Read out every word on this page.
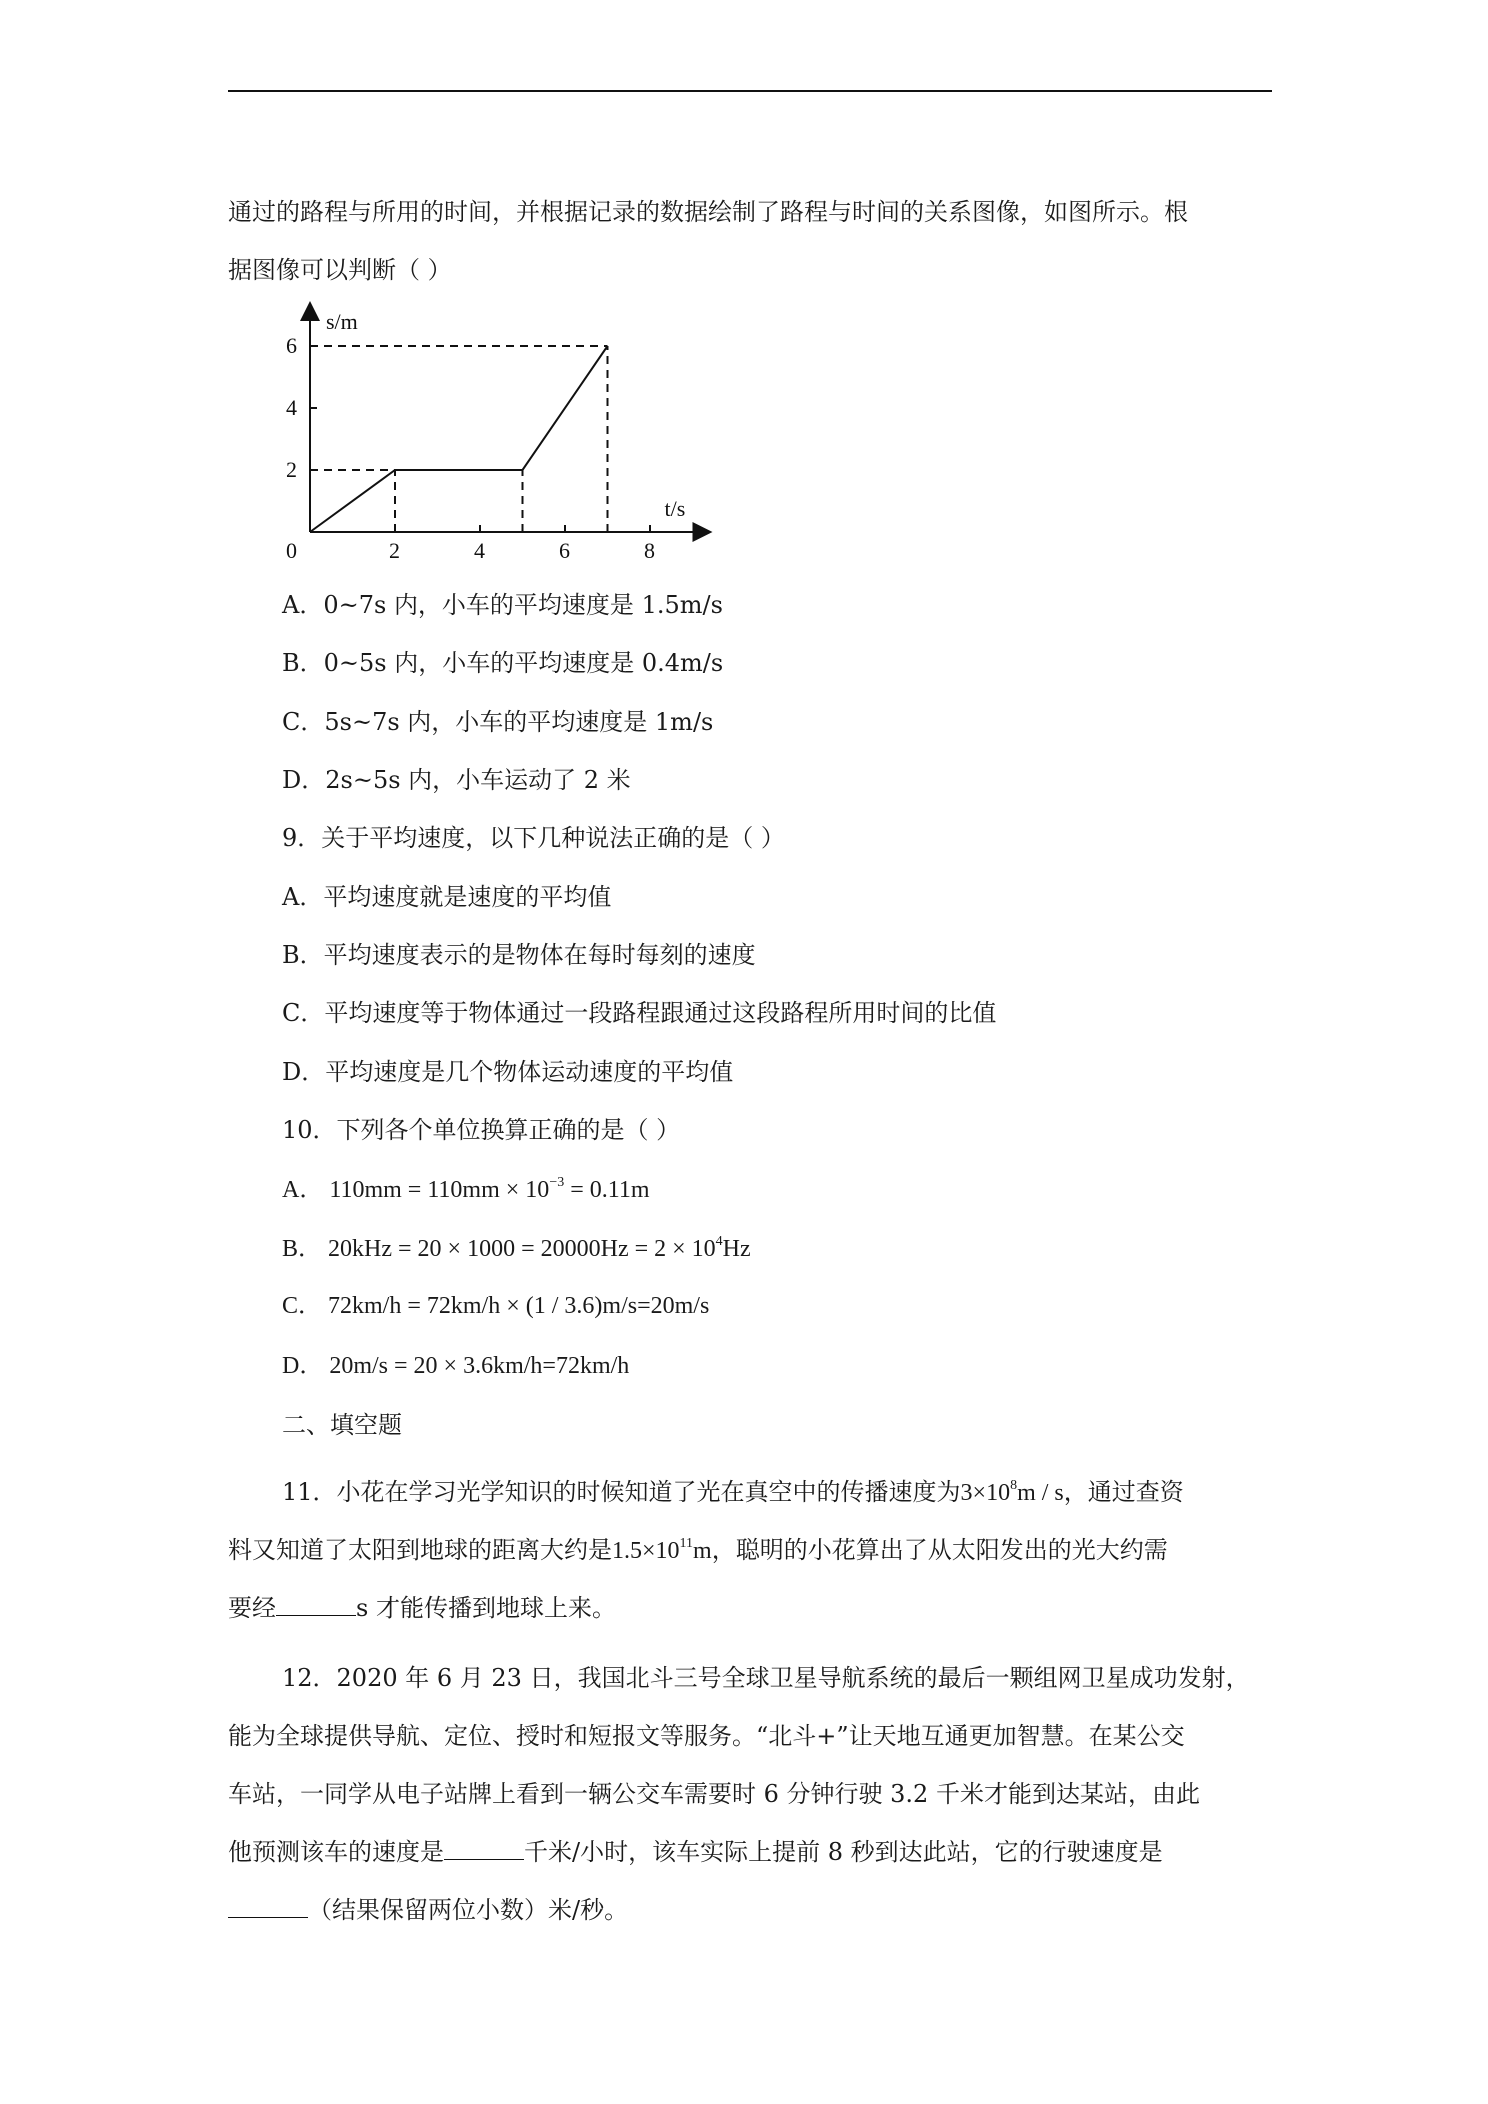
通过的路程与所用的时间，并根据记录的数据绘制了路程与时间的关系图像，如图所示。根
据图像可以判断（ ）
s/m
t/s
0	2	4	6	8
2
4
6
A．0~7s 内，小车的平均速度是 1.5m/s
B．0~5s 内，小车的平均速度是 0.4m/s
C．5s~7s 内，小车的平均速度是 1m/s
D．2s~5s 内，小车运动了 2 米
9．关于平均速度，以下几种说法正确的是（ ）
A．平均速度就是速度的平均值
B．平均速度表示的是物体在每时每刻的速度
C．平均速度等于物体通过一段路程跟通过这段路程所用时间的比值
D．平均速度是几个物体运动速度的平均值
10．下列各个单位换算正确的是（ ）
A． $110mm = 110mm \times 10^{-3} = 0.11m$
B． $20kHz = 20 \times 1000 = 20000Hz = 2 \times 10^4Hz$
C． 72km/h = 72km/h × (1 / 3.6)m/s=20m/s
D． 20m/s = 20 × 3.6km/h=72km/h
二、填空题
11．小花在学习光学知识的时候知道了光在真空中的传播速度为$3\times 10^8m / s$，通过查资
料又知道了太阳到地球的距离大约是$1.5\times 10^{11}m$，聪明的小花算出了从太阳发出的光大约需
要经	s 才能传播到地球上来。
12．2020 年 6 月 23 日，我国北斗三号全球卫星导航系统的最后一颗组网卫星成功发射，
能为全球提供导航、定位、授时和短报文等服务。“北斗+”让天地互通更加智慧。在某公交
车站，一同学从电子站牌上看到一辆公交车需要时 6 分钟行驶 3.2 千米才能到达某站，由此
他预测该车的速度是	千米/小时，该车实际上提前 8 秒到达此站，它的行驶速度是
（结果保留两位小数）米/秒。
